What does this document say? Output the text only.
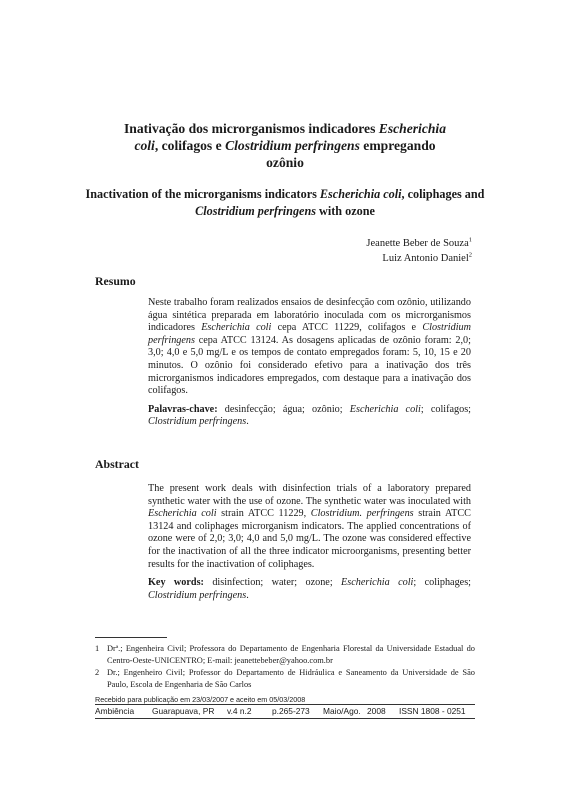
Inativação dos microrganismos indicadores Escherichia
coli, colifagos e Clostridium perfringens empregando
ozônio
Inactivation of the microrganisms indicators Escherichia coli, coliphages and Clostridium perfringens with ozone
Jeanette Beber de Souza$^1$
Luiz Antonio Daniel$^2$
Resumo

Neste trabalho foram realizados ensaios de desinfecção com ozônio, utilizando água sintética preparada em laboratório inoculada com os microrganismos indicadores Escherichia coli cepa ATCC 11229, colifagos e Clostridium perfringens cepa ATCC 13124. As dosagens aplicadas de ozônio foram: 2,0; 3,0; 4,0 e 5,0 mg/L e os tempos de contato empregados foram: 5, 10, 15 e 20 minutos. O ozônio foi considerado efetivo para a inativação dos três microrganismos indicadores empregados, com destaque para a inativação dos colifagos.

Palavras-chave: desinfecção; água; ozônio; Escherichia coli; colifagos; Clostridium perfringens.

Abstract

The present work deals with disinfection trials of a laboratory prepared synthetic water with the use of ozone. The synthetic water was inoculated with Escherichia coli strain ATCC 11229, Clostridium. perfringens strain ATCC 13124 and coliphages microrganism indicators. The applied concentrations of ozone were of 2,0; 3,0; 4,0 and 5,0 mg/L. The ozone was considered effective for the inactivation of all the three indicator microorganisms, presenting better results for the inactivation of coliphages.

Key words: disinfection; water; ozone; Escherichia coli; coliphages; Clostridium perfringens.

1 Drª.; Engenheira Civil; Professora do Departamento de Engenharia Florestal da Universidade Estadual do Centro-Oeste-UNICENTRO; E-mail: jeanettebeber@yahoo.com.br
2 Dr.; Engenheiro Civil; Professor do Departamento de Hidráulica e Saneamento da Universidade de São Paulo, Escola de Engenharia de São Carlos
Recebido para publicação em 23/03/2007 e aceito em 05/03/2008
Ambiência Guarapuava, PR v.4 n.2 p.265-273 Maio/Ago. 2008 ISSN 1808 - 0251
